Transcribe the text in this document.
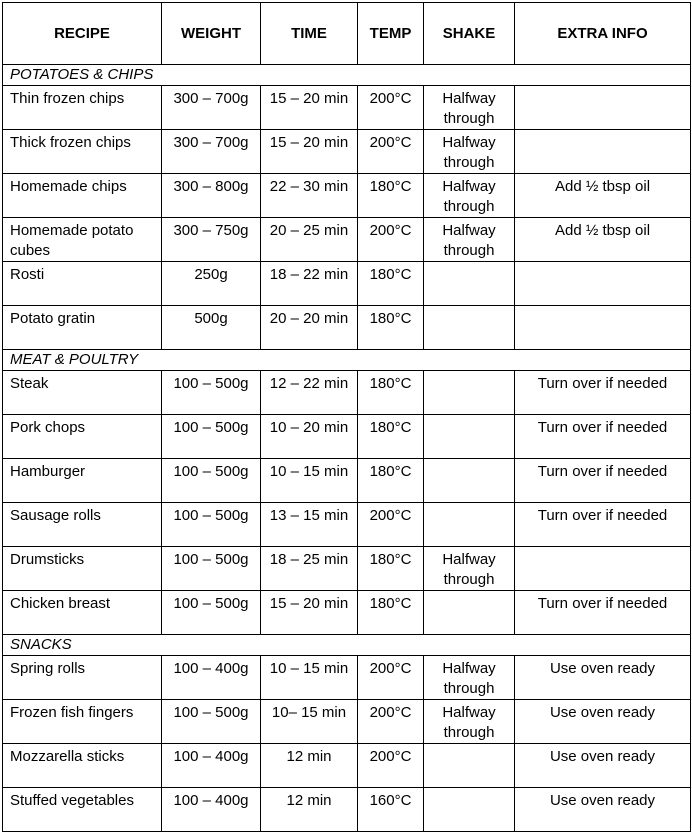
RECIPE	WEIGHT	TIME	TEMP	SHAKE	EXTRA INFO
POTATOES & CHIPS					
Thin frozen chips	300 – 700g	15 – 20 min	200°C	Halfway through	
Thick frozen chips	300 – 700g	15 – 20 min	200°C	Halfway through	
Homemade chips	300 – 800g	22 – 30 min	180°C	Halfway through	Add ½ tbsp oil
Homemade potato cubes	300 – 750g	20 – 25 min	200°C	Halfway through	Add ½ tbsp oil
Rosti	250g	18 – 22 min	180°C		
Potato gratin	500g	20 – 20 min	180°C		
MEAT & POULTRY					
Steak	100 – 500g	12 – 22 min	180°C		Turn over if needed
Pork chops	100 – 500g	10 – 20 min	180°C		Turn over if needed
Hamburger	100 – 500g	10 – 15 min	180°C		Turn over if needed
Sausage rolls	100 – 500g	13 – 15 min	200°C		Turn over if needed
Drumsticks	100 – 500g	18 – 25 min	180°C	Halfway through	
Chicken breast	100 – 500g	15 – 20 min	180°C		Turn over if needed
SNACKS					
Spring rolls	100 – 400g	10 – 15 min	200°C	Halfway through	Use oven ready
Frozen fish fingers	100 – 500g	10– 15 min	200°C	Halfway through	Use oven ready
Mozzarella sticks	100 – 400g	12 min	200°C		Use oven ready
Stuffed vegetables	100 – 400g	12 min	160°C		Use oven ready
